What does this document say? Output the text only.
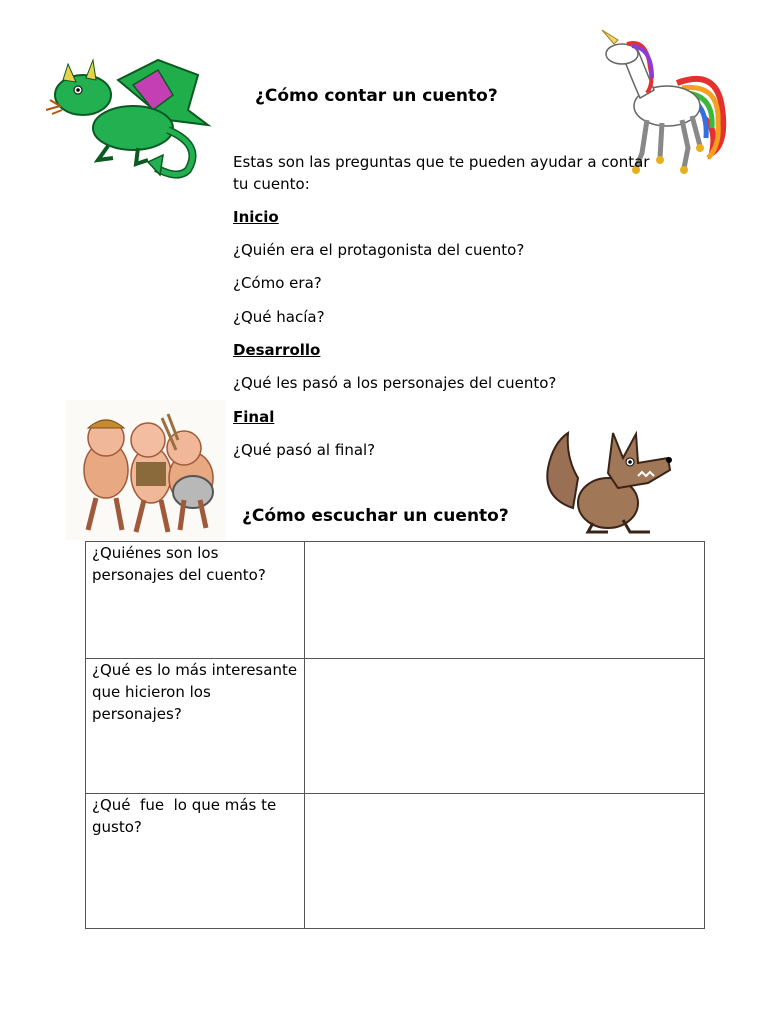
¿Cómo contar un cuento?
Estas son las preguntas que te pueden ayudar a contar tu cuento:
Inicio
¿Quién era el protagonista del cuento?
¿Cómo era?
¿Qué hacía?
Desarrollo
¿Qué les pasó a los personajes del cuento?
Final
¿Qué pasó al final?
¿Cómo escuchar un cuento?
¿Quiénes son los personajes del cuento?	
¿Qué es lo más interesante que hicieron los personajes?	
¿Qué  fue  lo que más te  gusto?	
